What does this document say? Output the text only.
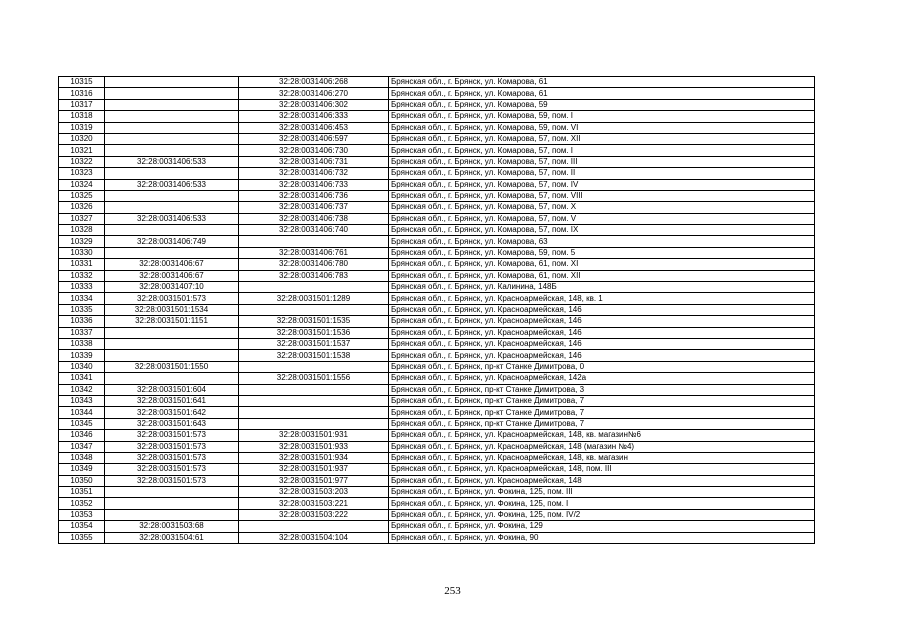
10315		32:28:0031406:268	Брянская обл., г. Брянск, ул. Комарова, 61
10316		32:28:0031406:270	Брянская обл., г. Брянск, ул. Комарова, 61
10317		32:28:0031406:302	Брянская обл., г. Брянск, ул. Комарова, 59
10318		32:28:0031406:333	Брянская обл., г. Брянск, ул. Комарова, 59, пом. I
10319		32:28:0031406:453	Брянская обл., г. Брянск, ул. Комарова, 59, пом. VI
10320		32:28:0031406:597	Брянская обл., г. Брянск, ул. Комарова, 57, пом. XII
10321		32:28:0031406:730	Брянская обл., г. Брянск, ул. Комарова, 57, пом. I
10322	32:28:0031406:533	32:28:0031406:731	Брянская обл., г. Брянск, ул. Комарова, 57, пом. III
10323		32:28:0031406:732	Брянская обл., г. Брянск, ул. Комарова, 57, пом. II
10324	32:28:0031406:533	32:28:0031406:733	Брянская обл., г. Брянск, ул. Комарова, 57, пом. IV
10325		32:28:0031406:736	Брянская обл., г. Брянск, ул. Комарова, 57, пом. VIII
10326		32:28:0031406:737	Брянская обл., г. Брянск, ул. Комарова, 57, пом. X
10327	32:28:0031406:533	32:28:0031406:738	Брянская обл., г. Брянск, ул. Комарова, 57, пом. V
10328		32:28:0031406:740	Брянская обл., г. Брянск, ул. Комарова, 57, пом. IX
10329	32:28:0031406:749		Брянская обл., г. Брянск, ул. Комарова, 63
10330		32:28:0031406:761	Брянская обл., г. Брянск, ул. Комарова, 59, пом. 5
10331	32:28:0031406:67	32:28:0031406:780	Брянская обл., г. Брянск, ул. Комарова, 61, пом. XI
10332	32:28:0031406:67	32:28:0031406:783	Брянская обл., г. Брянск, ул. Комарова, 61, пом. XII
10333	32:28:0031407:10		Брянская обл., г. Брянск, ул. Калинина, 148Б
10334	32:28:0031501:573	32:28:0031501:1289	Брянская обл., г. Брянск, ул. Красноармейская, 148, кв. 1
10335	32:28:0031501:1534		Брянская обл., г. Брянск, ул. Красноармейская, 146
10336	32:28:0031501:1151	32:28:0031501:1535	Брянская обл., г. Брянск, ул. Красноармейская, 146
10337		32:28:0031501:1536	Брянская обл., г. Брянск, ул. Красноармейская, 146
10338		32:28:0031501:1537	Брянская обл., г. Брянск, ул. Красноармейская, 146
10339		32:28:0031501:1538	Брянская обл., г. Брянск, ул. Красноармейская, 146
10340	32:28:0031501:1550		Брянская обл., г. Брянск, пр-кт Станке Димитрова, 0
10341		32:28:0031501:1556	Брянская обл., г. Брянск, ул. Красноармейская, 142а
10342	32:28:0031501:604		Брянская обл., г. Брянск, пр-кт Станке Димитрова, 3
10343	32:28:0031501:641		Брянская обл., г. Брянск, пр-кт Станке Димитрова, 7
10344	32:28:0031501:642		Брянская обл., г. Брянск, пр-кт Станке Димитрова, 7
10345	32:28:0031501:643		Брянская обл., г. Брянск, пр-кт Станке Димитрова, 7
10346	32:28:0031501:573	32:28:0031501:931	Брянская обл., г. Брянск, ул. Красноармейская, 148, кв. магазин№6
10347	32:28:0031501:573	32:28:0031501:933	Брянская обл., г. Брянск, ул. Красноармейская, 148 (магазин №4)
10348	32:28:0031501:573	32:28:0031501:934	Брянская обл., г. Брянск, ул. Красноармейская, 148, кв. магазин
10349	32:28:0031501:573	32:28:0031501:937	Брянская обл., г. Брянск, ул. Красноармейская, 148, пом. III
10350	32:28:0031501:573	32:28:0031501:977	Брянская обл., г. Брянск, ул. Красноармейская, 148
10351		32:28:0031503:203	Брянская обл., г. Брянск, ул. Фокина, 125, пом. III
10352		32:28:0031503:221	Брянская обл., г. Брянск, ул. Фокина, 125, пом. I
10353		32:28:0031503:222	Брянская обл., г. Брянск, ул. Фокина, 125, пом. IV/2
10354	32:28:0031503:68		Брянская обл., г. Брянск, ул. Фокина, 129
10355	32:28:0031504:61	32:28:0031504:104	Брянская обл., г. Брянск, ул. Фокина, 90
253
